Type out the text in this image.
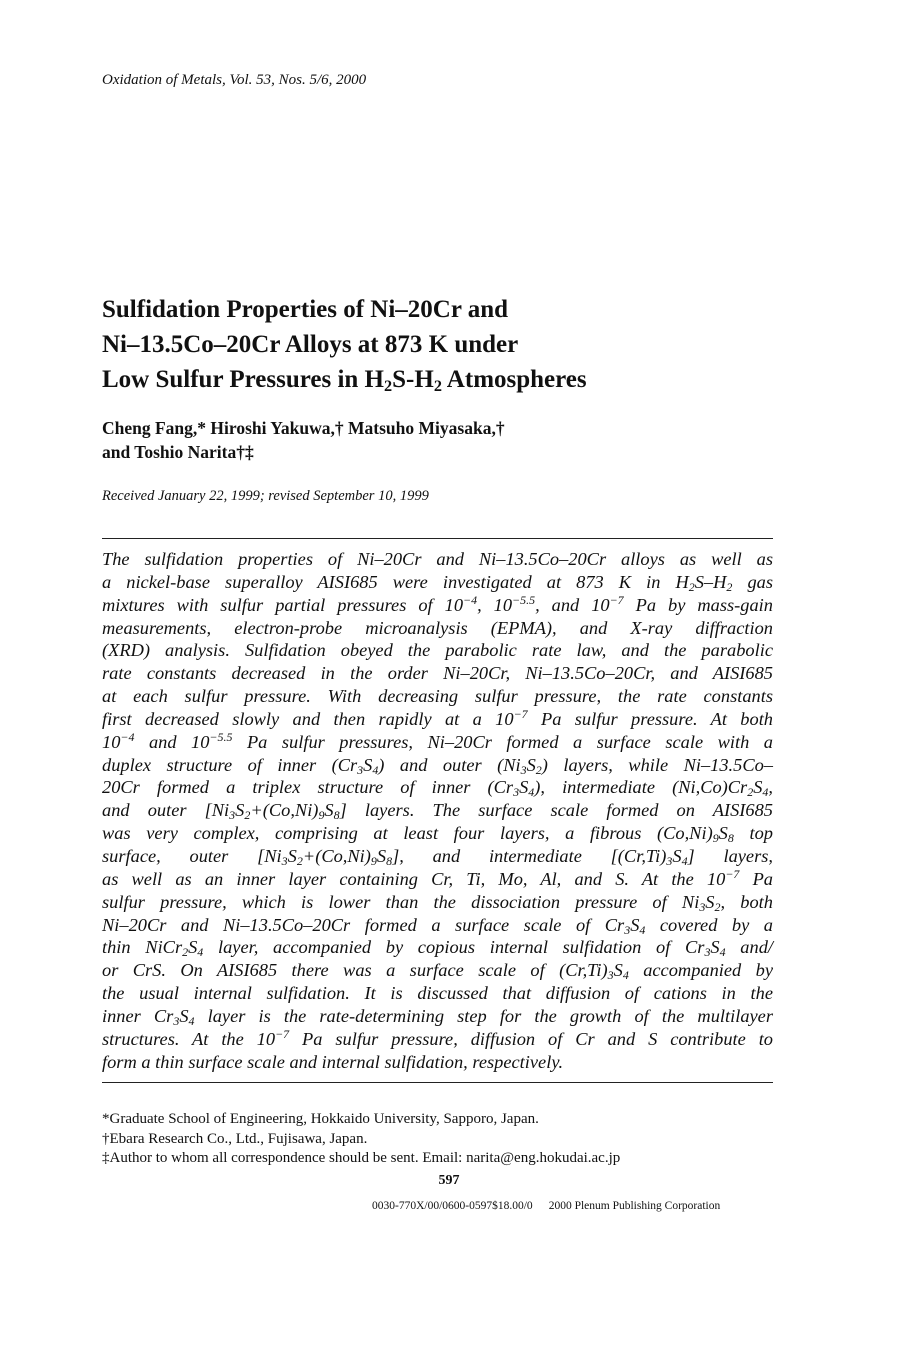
Oxidation of Metals, Vol. 53, Nos. 5/6, 2000
Sulfidation Properties of Ni–20Cr and
Ni–13.5Co–20Cr Alloys at 873 K under
Low Sulfur Pressures in $H_2S-H_2$ Atmospheres
Cheng Fang,* Hiroshi Yakuwa,† Matsuho Miyasaka,†
and Toshio Narita†‡
Received January 22, 1999; revised September 10, 1999
The sulfidation properties of Ni–20Cr and Ni–13.5Co–20Cr alloys as well as
a nickel-base superalloy AISI685 were investigated at 873 K in $H_2S-H_2$ gas
mixtures with sulfur partial pressures of $10^{-4}$, $10^{-5.5}$, and $10^{-7}$ Pa by mass-gain
measurements, electron-probe microanalysis (EPMA), and X-ray diffraction
(XRD) analysis. Sulfidation obeyed the parabolic rate law, and the parabolic
rate constants decreased in the order Ni–20Cr, Ni–13.5Co–20Cr, and AISI685
at each sulfur pressure. With decreasing sulfur pressure, the rate constants
first decreased slowly and then rapidly at a $10^{-7}$ Pa sulfur pressure. At both
$10^{-4}$ and $10^{-5.5}$ Pa sulfur pressures, Ni–20Cr formed a surface scale with a
duplex structure of inner $(Cr_3S_4)$ and outer $(Ni_3S_2)$ layers, while Ni–13.5Co–
20Cr formed a triplex structure of inner $(Cr_3S_4)$, intermediate $(Ni,Co)Cr_2S_4$,
and outer $[Ni_3S_2+(Co,Ni)_9S_8]$ layers. The surface scale formed on AISI685
was very complex, comprising at least four layers, a fibrous $(Co,Ni)_9S_8$ top
surface, outer $[Ni_3S_2+(Co,Ni)_9S_8]$, and intermediate $[(Cr,Ti)_3S_4]$ layers,
as well as an inner layer containing Cr, Ti, Mo, Al, and S. At the $10^{-7}$ Pa
sulfur pressure, which is lower than the dissociation pressure of $Ni_3S_2$, both
Ni–20Cr and Ni–13.5Co–20Cr formed a surface scale of $Cr_3S_4$ covered by a
thin $NiCr_2S_4$ layer, accompanied by copious internal sulfidation of $Cr_3S_4$ and/
or CrS. On AISI685 there was a surface scale of $(Cr,Ti)_3S_4$ accompanied by
the usual internal sulfidation. It is discussed that diffusion of cations in the
inner $Cr_3S_4$ layer is the rate-determining step for the growth of the multilayer
structures. At the $10^{-7}$ Pa sulfur pressure, diffusion of Cr and S contribute to
form a thin surface scale and internal sulfidation, respectively.
*Graduate School of Engineering, Hokkaido University, Sapporo, Japan.
†Ebara Research Co., Ltd., Fujisawa, Japan.
‡Author to whom all correspondence should be sent. Email: narita@eng.hokudai.ac.jp
597
0030-770X/00/0600-0597$18.00/0 2000 Plenum Publishing Corporation
